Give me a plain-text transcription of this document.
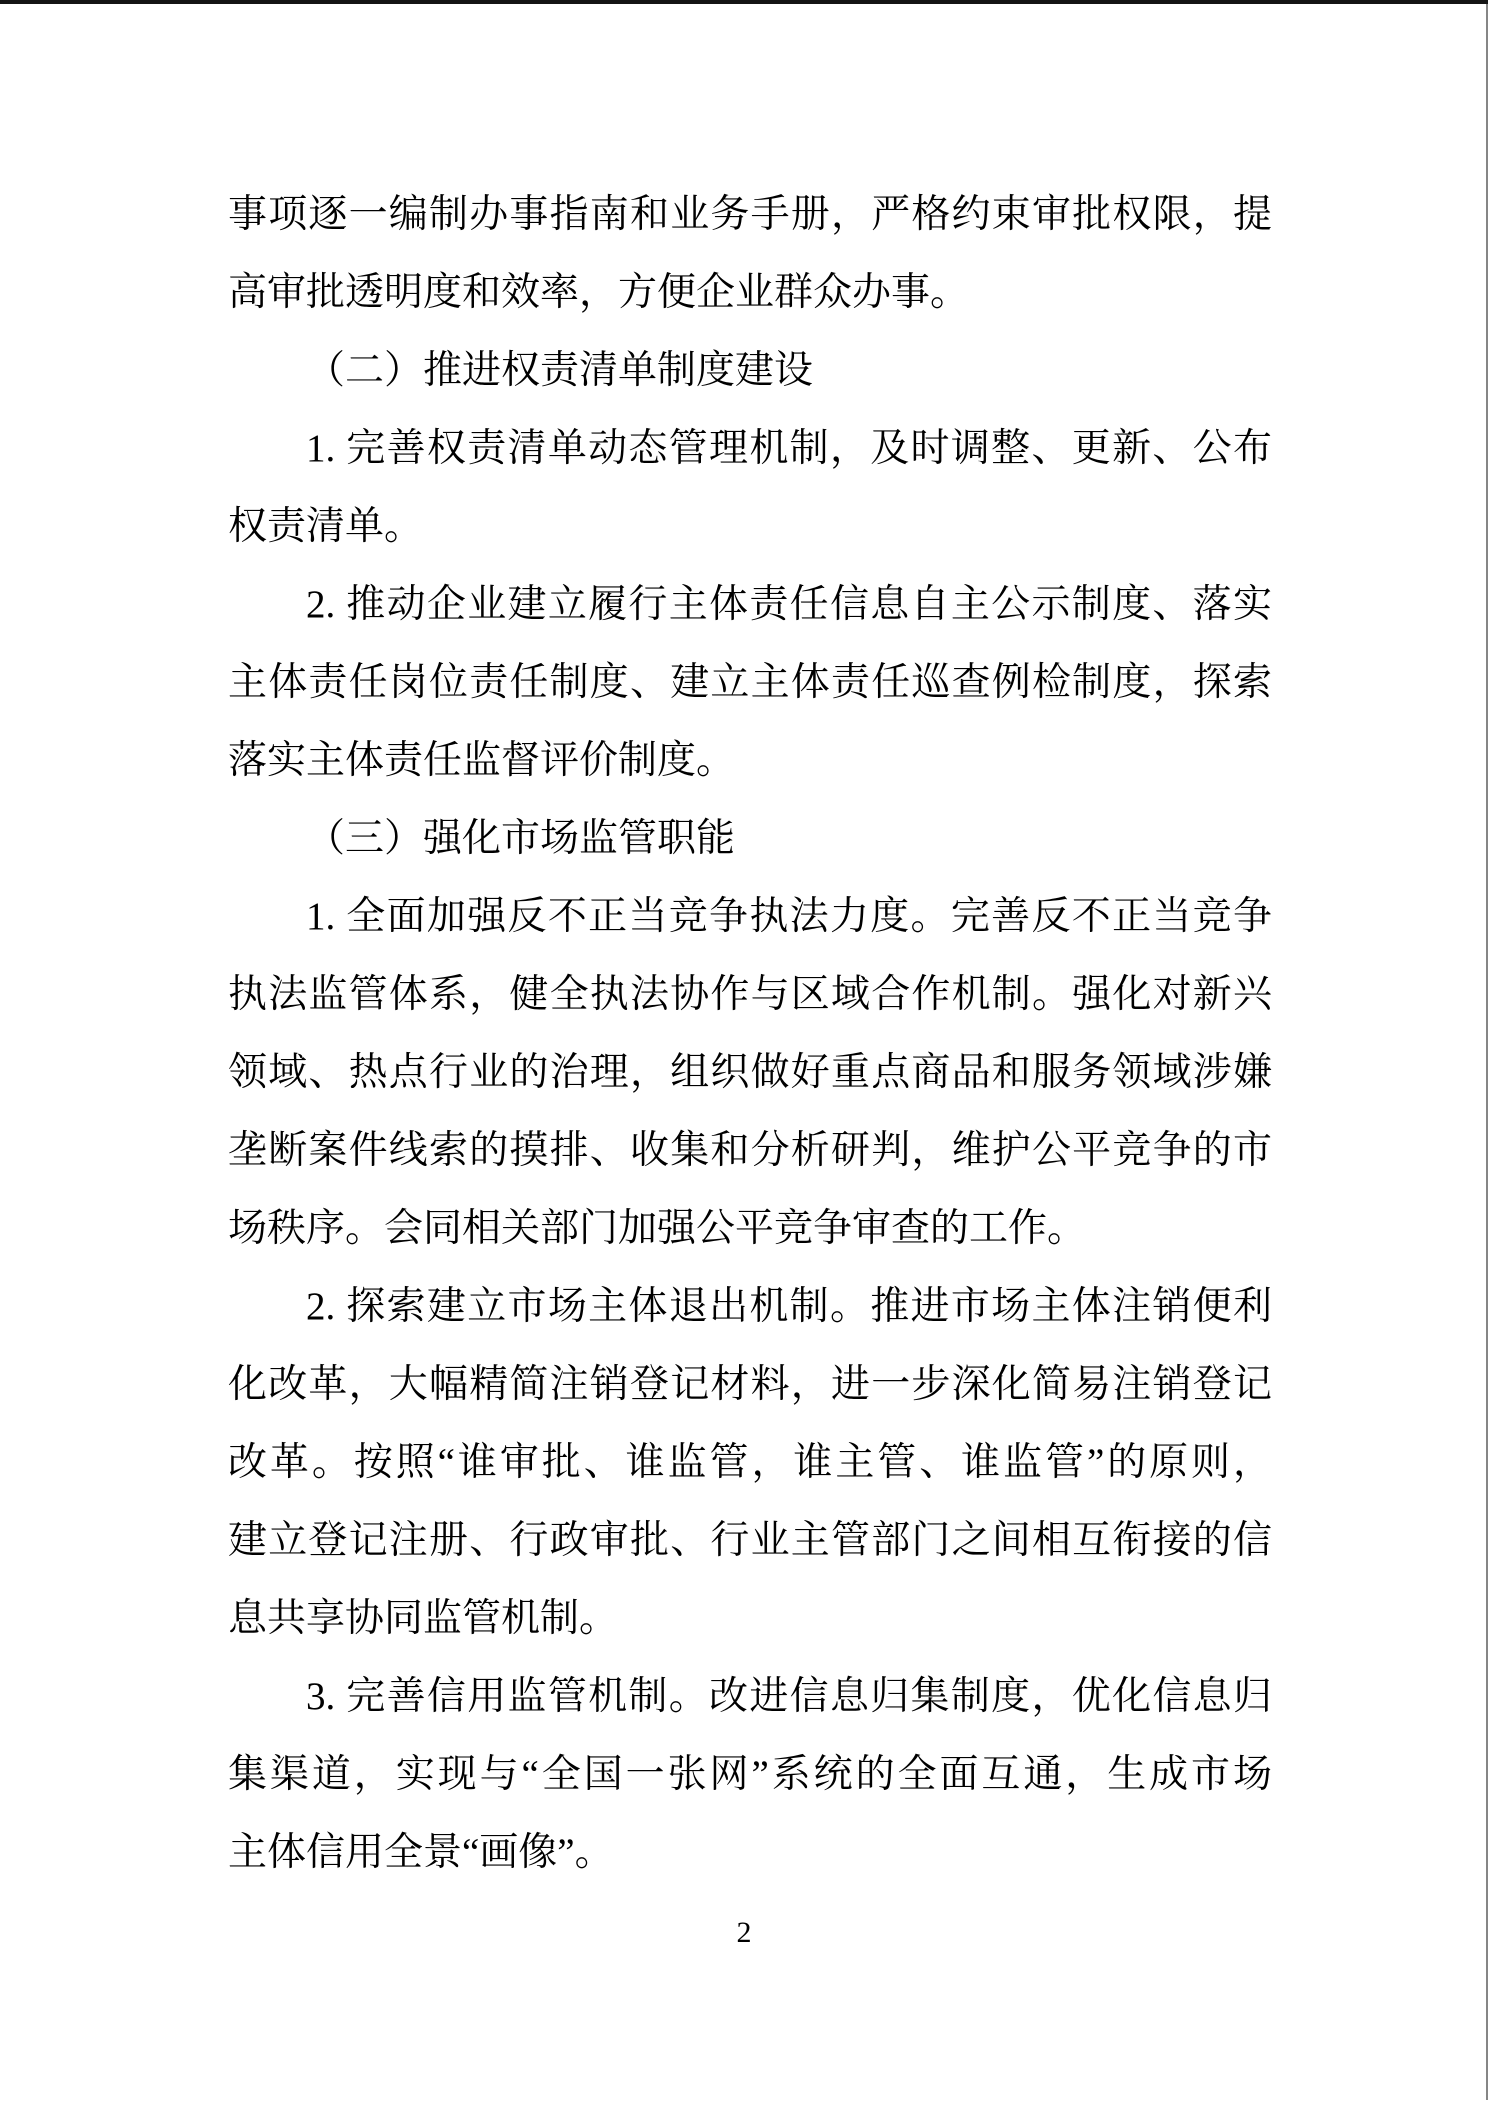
事项逐一编制办事指南和业务手册，严格约束审批权限，提

高审批透明度和效率，方便企业群众办事。

（二）推进权责清单制度建设

1. 完善权责清单动态管理机制，及时调整、更新、公布

权责清单。

2. 推动企业建立履行主体责任信息自主公示制度、落实

主体责任岗位责任制度、建立主体责任巡查例检制度，探索

落实主体责任监督评价制度。

（三）强化市场监管职能

1. 全面加强反不正当竞争执法力度。完善反不正当竞争

执法监管体系，健全执法协作与区域合作机制。强化对新兴

领域、热点行业的治理，组织做好重点商品和服务领域涉嫌

垄断案件线索的摸排、收集和分析研判，维护公平竞争的市

场秩序。会同相关部门加强公平竞争审查的工作。

2. 探索建立市场主体退出机制。推进市场主体注销便利

化改革，大幅精简注销登记材料，进一步深化简易注销登记

改革。按照“谁审批、谁监管，谁主管、谁监管”的原则，

建立登记注册、行政审批、行业主管部门之间相互衔接的信

息共享协同监管机制。

3. 完善信用监管机制。改进信息归集制度，优化信息归

集渠道，实现与“全国一张网”系统的全面互通，生成市场

主体信用全景“画像”。

2
